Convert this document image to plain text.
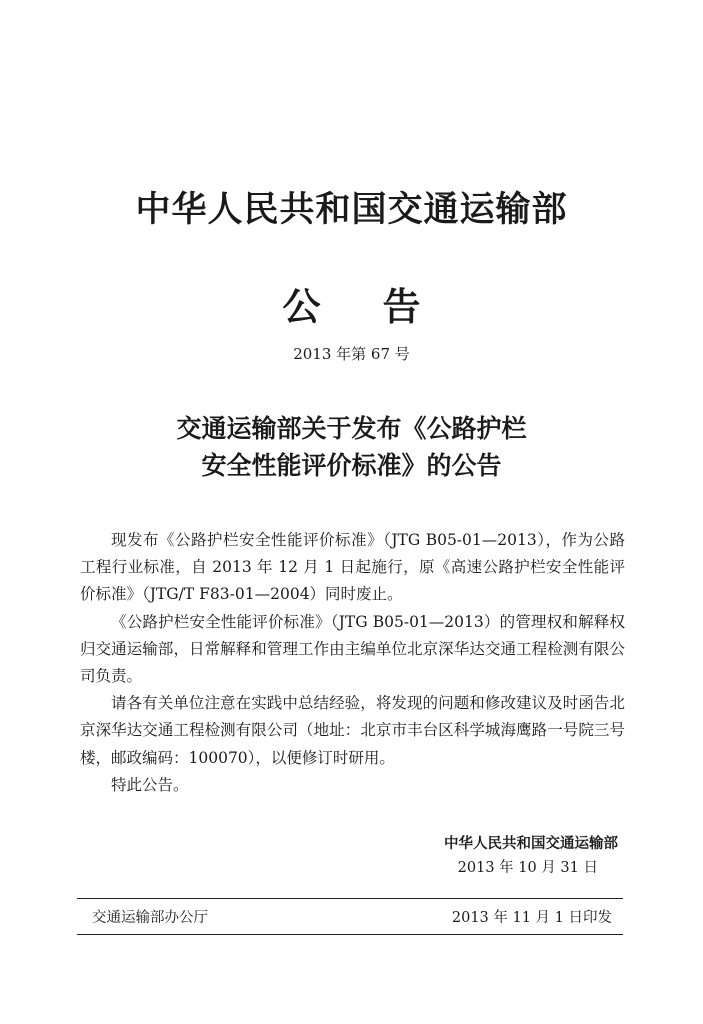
中华人民共和国交通运输部
公告
2013 年第 67 号
交通运输部关于发布《公路护栏
安全性能评价标准》的公告

现发布《公路护栏安全性能评价标准》（JTG B05-01—2013），作为公路工程行业标准，自 2013 年 12 月 1 日起施行，原《高速公路护栏安全性能评价标准》（JTG/T F83-01—2004）同时废止。

《公路护栏安全性能评价标准》（JTG B05-01—2013）的管理权和解释权归交通运输部，日常解释和管理工作由主编单位北京深华达交通工程检测有限公司负责。

请各有关单位注意在实践中总结经验，将发现的问题和修改建议及时函告北京深华达交通工程检测有限公司（地址：北京市丰台区科学城海鹰路一号院三号楼，邮政编码：100070），以便修订时研用。

特此公告。

中华人民共和国交通运输部
2013 年 10 月 31 日
交通运输部办公厅	2013 年 11 月 1 日印发
